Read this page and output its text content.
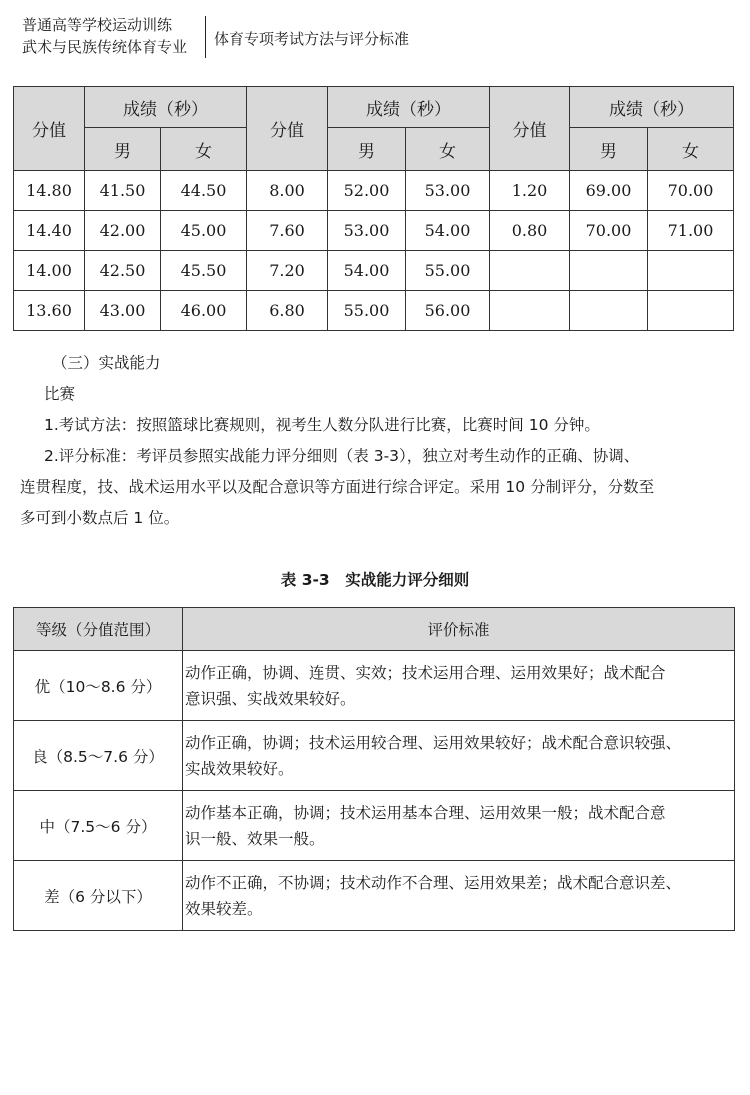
普通高等学校运动训练
武术与民族传统体育专业	体育专项考试方法与评分标准
分值	成绩（秒）		分值	成绩（秒）		分值	成绩（秒）	
	男	女		男	女		男	女
14.80	41.50	44.50	8.00	52.00	53.00	1.20	69.00	70.00
14.40	42.00	45.00	7.60	53.00	54.00	0.80	70.00	71.00
14.00	42.50	45.50	7.20	54.00	55.00			
13.60	43.00	46.00	6.80	55.00	56.00			

（三）实战能力

比赛

1.考试方法：按照篮球比赛规则，视考生人数分队进行比赛，比赛时间 10 分钟。

2.评分标准：考评员参照实战能力评分细则（表 3-3），独立对考生动作的正确、协调、

连贯程度，技、战术运用水平以及配合意识等方面进行综合评定。采用 10 分制评分，分数至

多可到小数点后 1 位。

表 3-3　实战能力评分细则
等级（分值范围）	评价标准
优（10～8.6 分）	动作正确，协调、连贯、实效；技术运用合理、运用效果好；战术配合
意识强、实战效果较好。

良（8.5～7.6 分）	动作正确，协调；技术运用较合理、运用效果较好；战术配合意识较强、
实战效果较好。

中（7.5～6 分）	动作基本正确，协调；技术运用基本合理、运用效果一般；战术配合意
识一般、效果一般。

差（6 分以下）	动作不正确，不协调；技术动作不合理、运用效果差；战术配合意识差、
效果较差。
